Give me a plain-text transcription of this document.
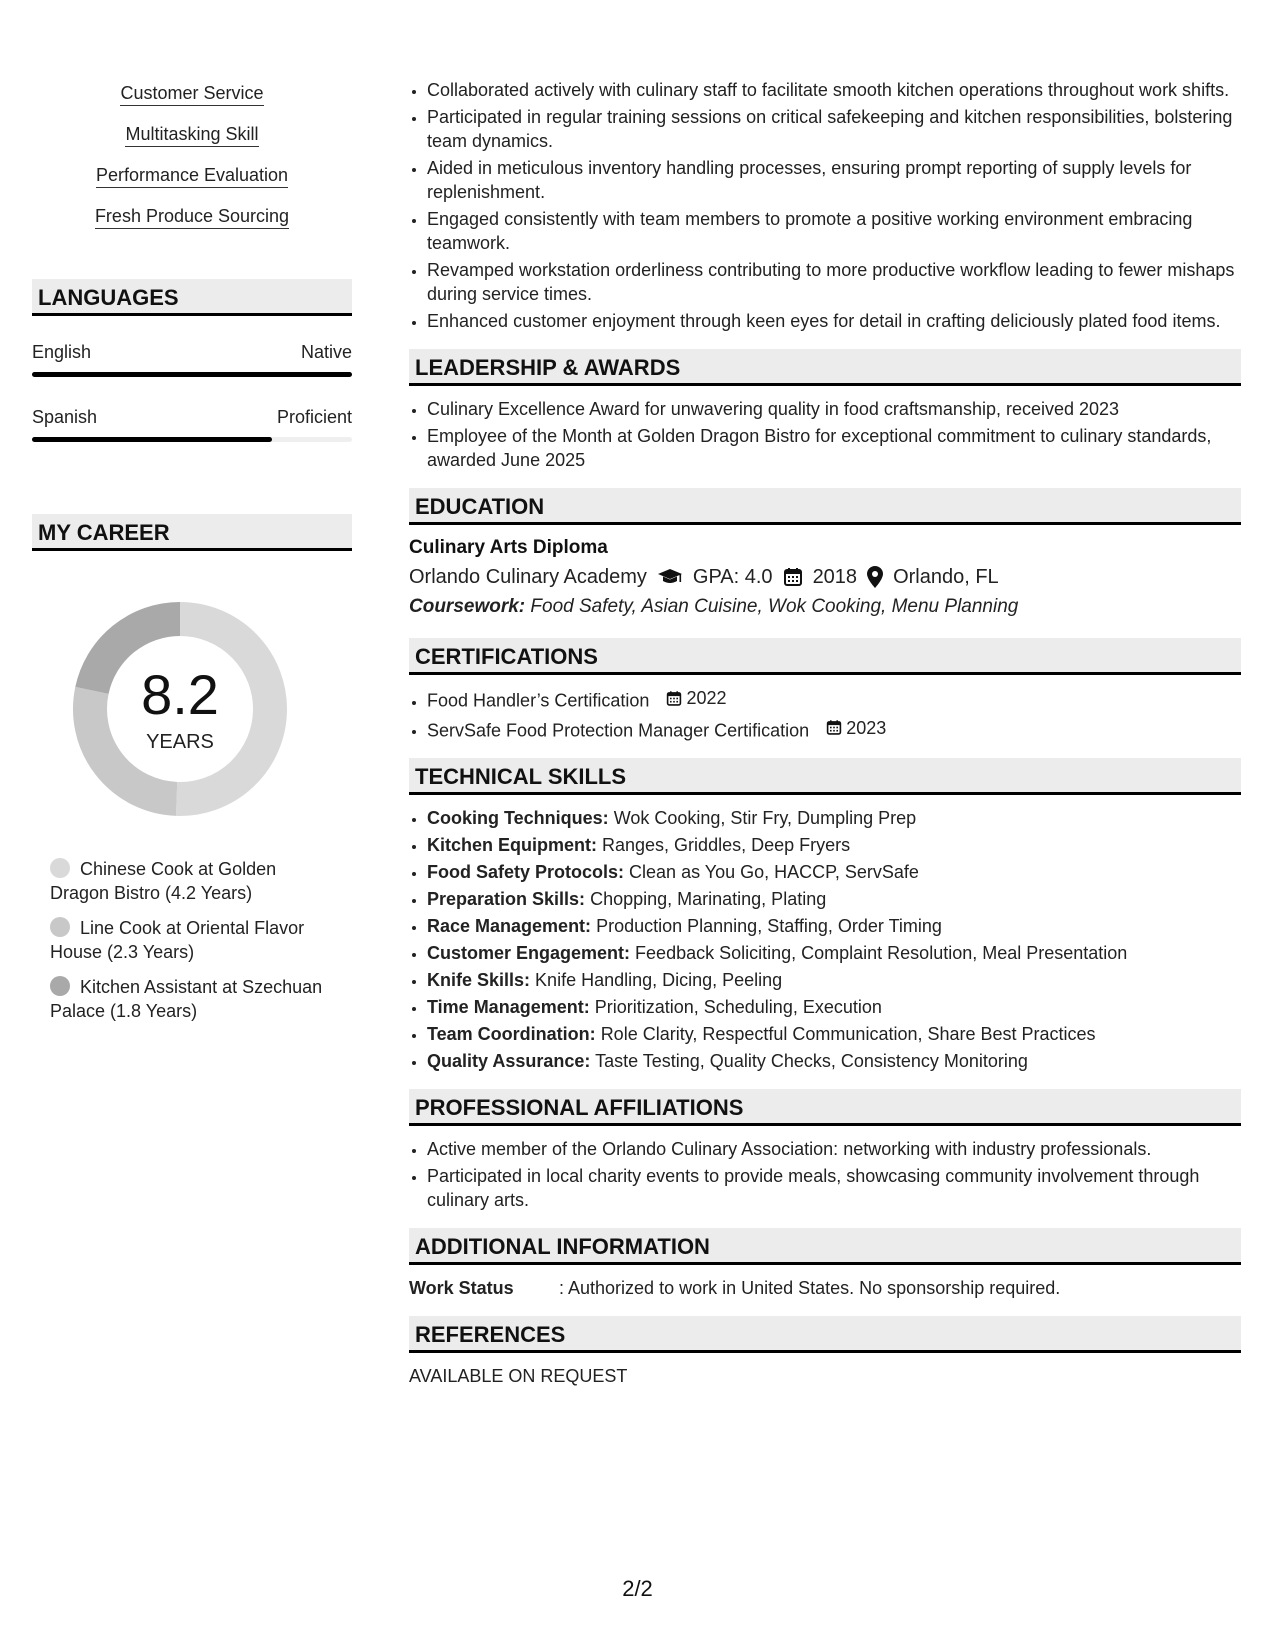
Customer Service
Multitasking Skill
Performance Evaluation
Fresh Produce Sourcing
LANGUAGES
English	Native
Spanish	Proficient
MY CAREER
8.2
YEARS
Chinese Cook at Golden Dragon Bistro (4.2 Years)
Line Cook at Oriental Flavor House (2.3 Years)
Kitchen Assistant at Szechuan Palace (1.8 Years)
• Collaborated actively with culinary staff to facilitate smooth kitchen operations throughout work shifts.
• Participated in regular training sessions on critical safekeeping and kitchen responsibilities, bolstering team dynamics.
• Aided in meticulous inventory handling processes, ensuring prompt reporting of supply levels for replenishment.
• Engaged consistently with team members to promote a positive working environment embracing teamwork.
• Revamped workstation orderliness contributing to more productive workflow leading to fewer mishaps during service times.
• Enhanced customer enjoyment through keen eyes for detail in crafting deliciously plated food items.
LEADERSHIP & AWARDS
• Culinary Excellence Award for unwavering quality in food craftsmanship, received 2023
• Employee of the Month at Golden Dragon Bistro for exceptional commitment to culinary standards, awarded June 2025
EDUCATION
Culinary Arts Diploma
Orlando Culinary Academy GPA: 4.0 2018 Orlando, FL
Coursework: Food Safety, Asian Cuisine, Wok Cooking, Menu Planning
CERTIFICATIONS
• Food Handler’s Certification 2022
• ServSafe Food Protection Manager Certification 2023
TECHNICAL SKILLS
• Cooking Techniques: Wok Cooking, Stir Fry, Dumpling Prep
• Kitchen Equipment: Ranges, Griddles, Deep Fryers
• Food Safety Protocols: Clean as You Go, HACCP, ServSafe
• Preparation Skills: Chopping, Marinating, Plating
• Race Management: Production Planning, Staffing, Order Timing
• Customer Engagement: Feedback Soliciting, Complaint Resolution, Meal Presentation
• Knife Skills: Knife Handling, Dicing, Peeling
• Time Management: Prioritization, Scheduling, Execution
• Team Coordination: Role Clarity, Respectful Communication, Share Best Practices
• Quality Assurance: Taste Testing, Quality Checks, Consistency Monitoring
PROFESSIONAL AFFILIATIONS
• Active member of the Orlando Culinary Association: networking with industry professionals.
• Participated in local charity events to provide meals, showcasing community involvement through culinary arts.
ADDITIONAL INFORMATION
Work Status	: Authorized to work in United States. No sponsorship required.
REFERENCES
AVAILABLE ON REQUEST
2/2
